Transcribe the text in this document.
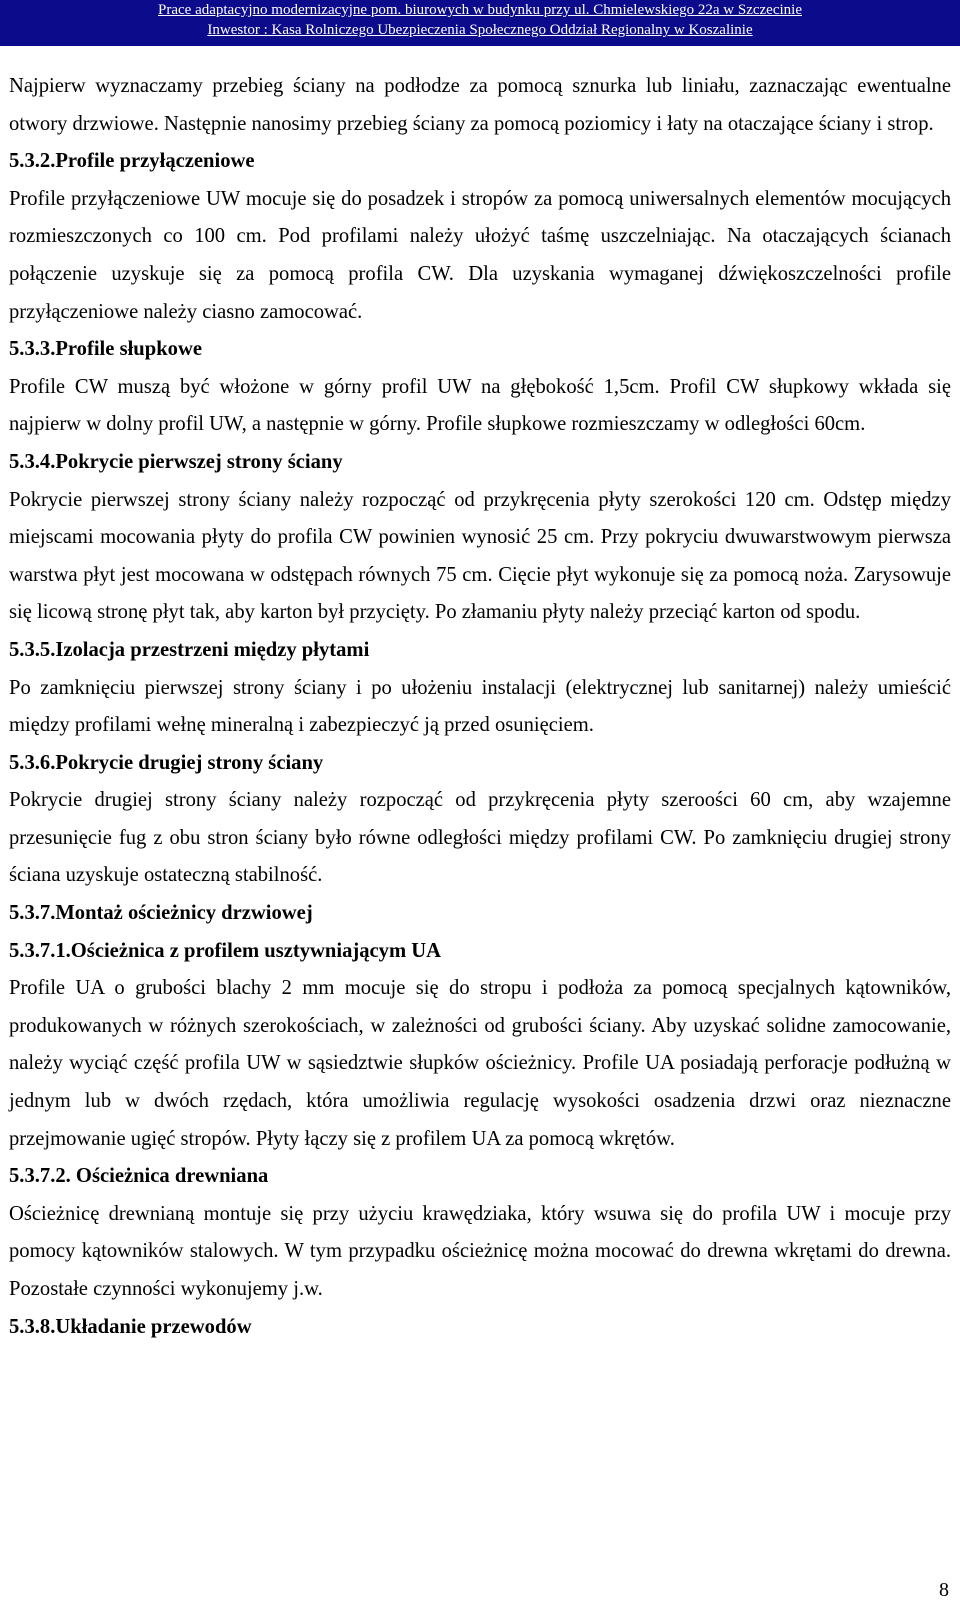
Prace adaptacyjno modernizacyjne pom. biurowych w budynku przy ul. Chmielewskiego 22a w Szczecinie
Inwestor : Kasa Rolniczego Ubezpieczenia Społecznego Oddział Regionalny w Koszalinie

Najpierw wyznaczamy przebieg ściany na podłodze za pomocą sznurka lub liniału, zaznaczając ewentualne otwory drzwiowe. Następnie nanosimy przebieg ściany za pomocą poziomicy i łaty na otaczające ściany i strop.

5.3.2.Profile przyłączeniowe

Profile przyłączeniowe UW mocuje się do posadzek i stropów za pomocą uniwersalnych elementów mocujących rozmieszczonych co 100 cm. Pod profilami należy ułożyć taśmę uszczelniając. Na otaczających ścianach połączenie uzyskuje się za pomocą profila CW. Dla uzyskania wymaganej dźwiękoszczelności profile przyłączeniowe należy ciasno zamocować.

5.3.3.Profile słupkowe

Profile CW muszą być włożone w górny profil UW na głębokość 1,5cm. Profil CW słupkowy wkłada się najpierw w dolny profil UW, a następnie w górny. Profile słupkowe rozmieszczamy w odległości 60cm.

5.3.4.Pokrycie pierwszej strony ściany

Pokrycie pierwszej strony ściany należy rozpocząć od przykręcenia płyty szerokości 120 cm. Odstęp między miejscami mocowania płyty do profila CW powinien wynosić 25 cm. Przy pokryciu dwuwarstwowym pierwsza warstwa płyt jest mocowana w odstępach równych 75 cm. Cięcie płyt wykonuje się za pomocą noża. Zarysowuje się licową stronę płyt tak, aby karton był przycięty. Po złamaniu płyty należy przeciąć karton od spodu.

5.3.5.Izolacja przestrzeni między płytami

Po zamknięciu pierwszej strony ściany i po ułożeniu instalacji (elektrycznej lub sanitarnej) należy umieścić między profilami wełnę mineralną i zabezpieczyć ją przed osunięciem.

5.3.6.Pokrycie drugiej strony ściany

Pokrycie drugiej strony ściany należy rozpocząć od przykręcenia płyty szeroości 60 cm, aby wzajemne przesunięcie fug z obu stron ściany było równe odległości między profilami CW. Po zamknięciu drugiej strony ściana uzyskuje ostateczną stabilność.

5.3.7.Montaż ościeżnicy drzwiowej

5.3.7.1.Ościeżnica z profilem usztywniającym UA

Profile UA o grubości blachy 2 mm mocuje się do stropu i podłoża za pomocą specjalnych kątowników, produkowanych w różnych szerokościach, w zależności od grubości ściany. Aby uzyskać solidne zamocowanie, należy wyciąć część profila UW w sąsiedztwie słupków ościeżnicy. Profile UA posiadają perforacje podłużną w jednym lub w dwóch rzędach, która umożliwia regulację wysokości osadzenia drzwi oraz nieznaczne przejmowanie ugięć stropów. Płyty łączy się z profilem UA za pomocą wkrętów.

5.3.7.2. Ościeżnica drewniana

Ościeżnicę drewnianą montuje się przy użyciu krawędziaka, który wsuwa się do profila UW i mocuje przy pomocy kątowników stalowych. W tym przypadku ościeżnicę można mocować do drewna wkrętami do drewna. Pozostałe czynności wykonujemy j.w.

5.3.8.Układanie przewodów

8
